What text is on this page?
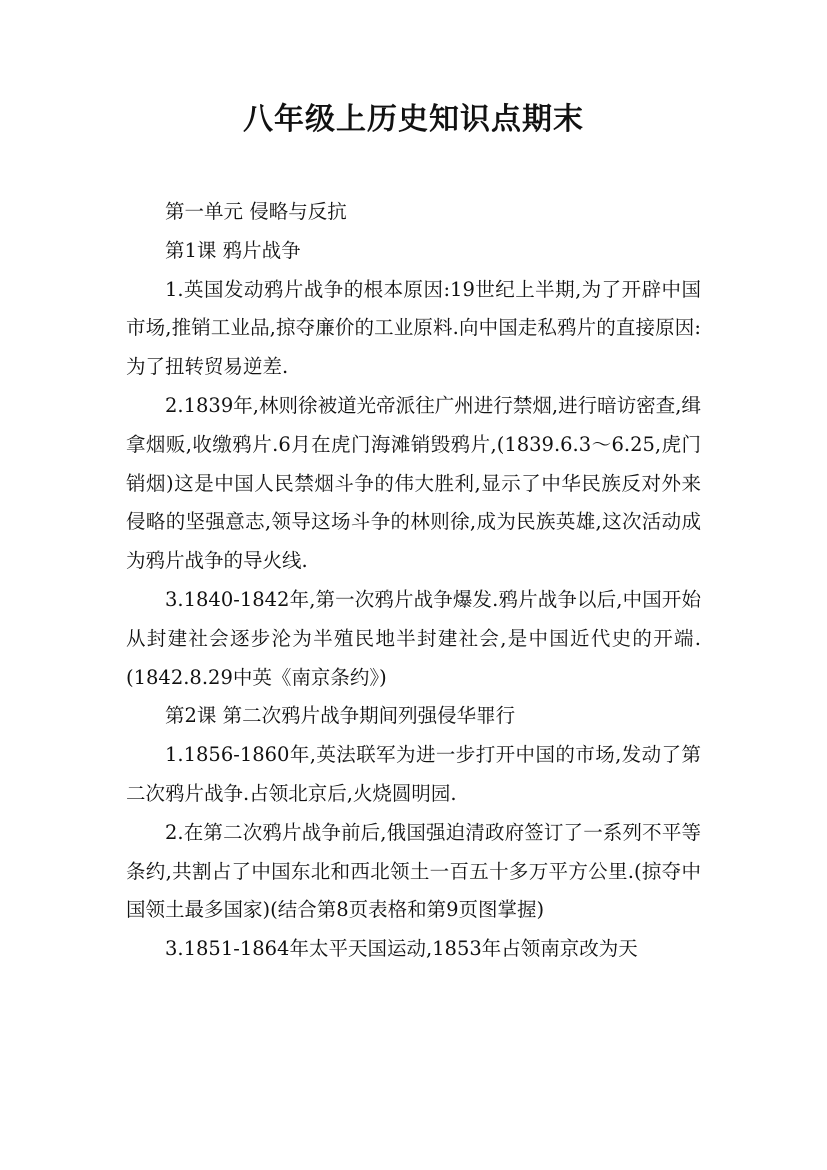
八年级上历史知识点期末

第一单元 侵略与反抗

第1课 鸦片战争

1.英国发动鸦片战争的根本原因:19世纪上半期,为了开辟中国市场,推销工业品,掠夺廉价的工业原料.向中国走私鸦片的直接原因:为了扭转贸易逆差.

2.1839年,林则徐被道光帝派往广州进行禁烟,进行暗访密查,缉拿烟贩,收缴鸦片.6月在虎门海滩销毁鸦片,(1839.6.3～6.25,虎门销烟)这是中国人民禁烟斗争的伟大胜利,显示了中华民族反对外来侵略的坚强意志,领导这场斗争的林则徐,成为民族英雄,这次活动成为鸦片战争的导火线.

3.1840-1842年,第一次鸦片战争爆发.鸦片战争以后,中国开始从封建社会逐步沦为半殖民地半封建社会,是中国近代史的开端.(1842.8.29中英《南京条约》)

第2课 第二次鸦片战争期间列强侵华罪行

1.1856-1860年,英法联军为进一步打开中国的市场,发动了第二次鸦片战争.占领北京后,火烧圆明园.

2.在第二次鸦片战争前后,俄国强迫清政府签订了一系列不平等条约,共割占了中国东北和西北领土一百五十多万平方公里.(掠夺中国领土最多国家)(结合第8页表格和第9页图掌握)

3.1851-1864年太平天国运动,1853年占领南京改为天
